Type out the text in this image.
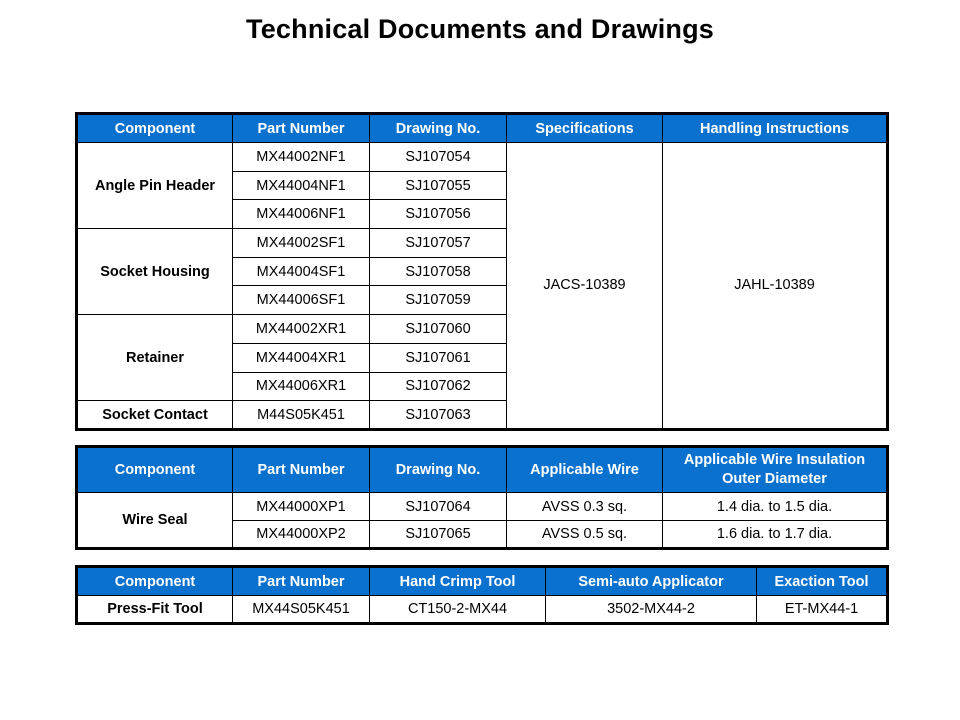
Technical Documents and Drawings
Component	Part Number	Drawing No.	Specifications	Handling Instructions
Angle Pin Header	MX44002NF1	SJ107054	JACS-10389	JAHL-10389
	MX44004NF1	SJ107055		
	MX44006NF1	SJ107056		
Socket Housing	MX44002SF1	SJ107057		
	MX44004SF1	SJ107058		
	MX44006SF1	SJ107059		
Retainer	MX44002XR1	SJ107060		
	MX44004XR1	SJ107061		
	MX44006XR1	SJ107062		
Socket Contact	M44S05K451	SJ107063		
Component	Part Number	Drawing No.	Applicable Wire	Applicable Wire Insulation Outer Diameter
Wire Seal	MX44000XP1	SJ107064	AVSS 0.3 sq.	1.4 dia. to 1.5 dia.
	MX44000XP2	SJ107065	AVSS 0.5 sq.	1.6 dia. to 1.7 dia.
Component	Part Number	Hand Crimp Tool	Semi-auto Applicator	Exaction Tool
Press-Fit Tool	MX44S05K451	CT150-2-MX44	3502-MX44-2	ET-MX44-1
